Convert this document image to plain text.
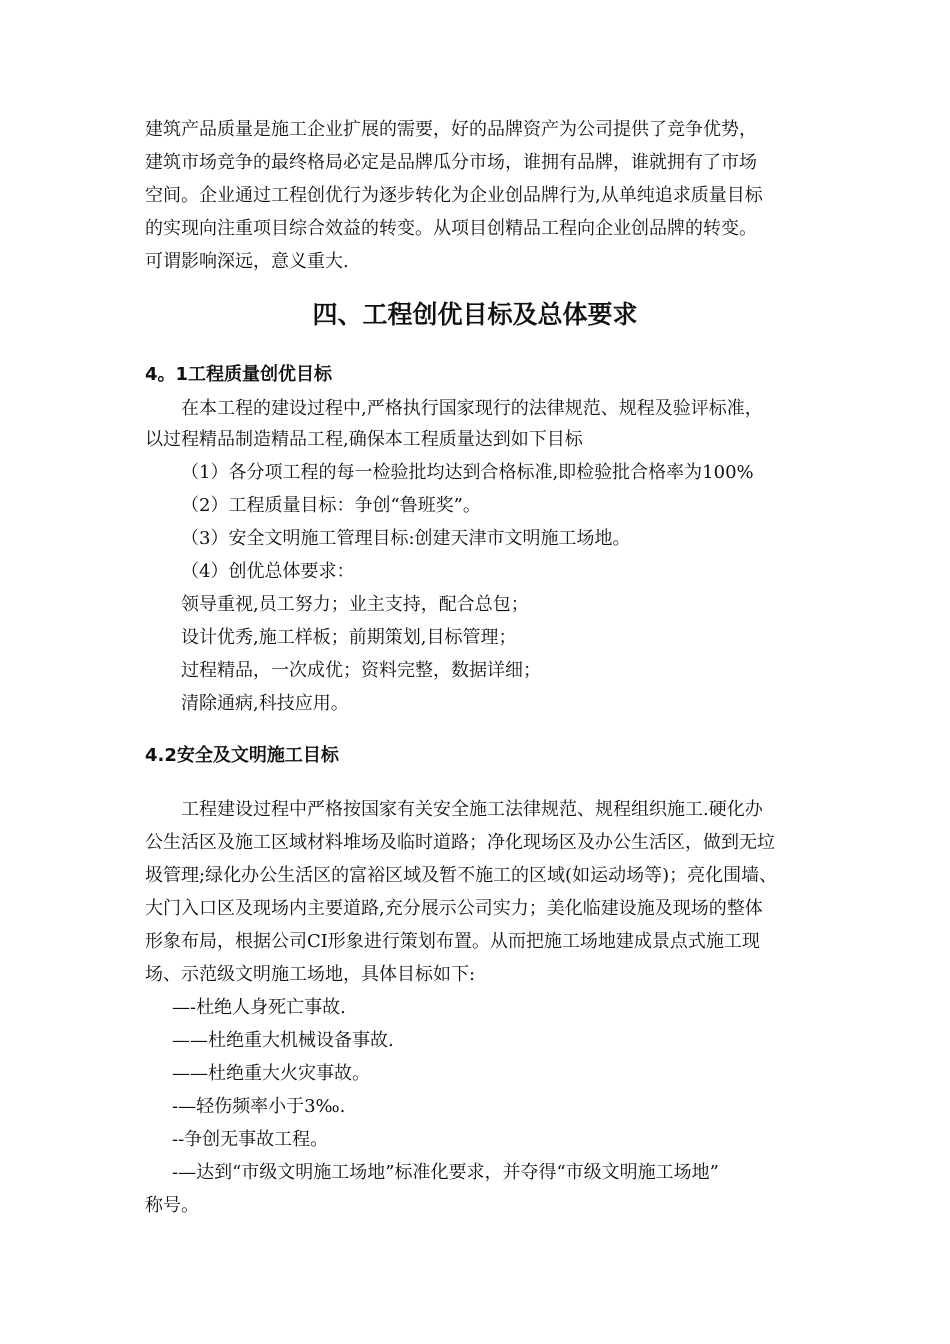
建筑产品质量是施工企业扩展的需要，好的品牌资产为公司提供了竞争优势，
建筑市场竞争的最终格局必定是品牌瓜分市场，谁拥有品牌，谁就拥有了市场
空间。企业通过工程创优行为逐步转化为企业创品牌行为,从单纯追求质量目标
的实现向注重项目综合效益的转变。从项目创精品工程向企业创品牌的转变。
可谓影响深远，意义重大.
四、工程创优目标及总体要求
4。1工程质量创优目标
在本工程的建设过程中,严格执行国家现行的法律规范、规程及验评标准，
以过程精品制造精品工程,确保本工程质量达到如下目标
（1）各分项工程的每一检验批均达到合格标准,即检验批合格率为100%
（2）工程质量目标：争创“鲁班奖”。
（3）安全文明施工管理目标:创建天津市文明施工场地。
（4）创优总体要求：
领导重视,员工努力；业主支持，配合总包；
设计优秀,施工样板；前期策划,目标管理；
过程精品，一次成优；资料完整，数据详细；
清除通病,科技应用。
4.2安全及文明施工目标
工程建设过程中严格按国家有关安全施工法律规范、规程组织施工.硬化办
公生活区及施工区域材料堆场及临时道路；净化现场区及办公生活区，做到无垃
圾管理;绿化办公生活区的富裕区域及暂不施工的区域(如运动场等)；亮化围墙、
大门入口区及现场内主要道路,充分展示公司实力；美化临建设施及现场的整体
形象布局，根据公司CI形象进行策划布置。从而把施工场地建成景点式施工现
场、示范级文明施工场地，具体目标如下:
—-杜绝人身死亡事故.
——杜绝重大机械设备事故.
——杜绝重大火灾事故。
-—轻伤频率小于3‰.
--争创无事故工程。
-—达到“市级文明施工场地”标准化要求，并夺得“市级文明施工场地”
称号。
